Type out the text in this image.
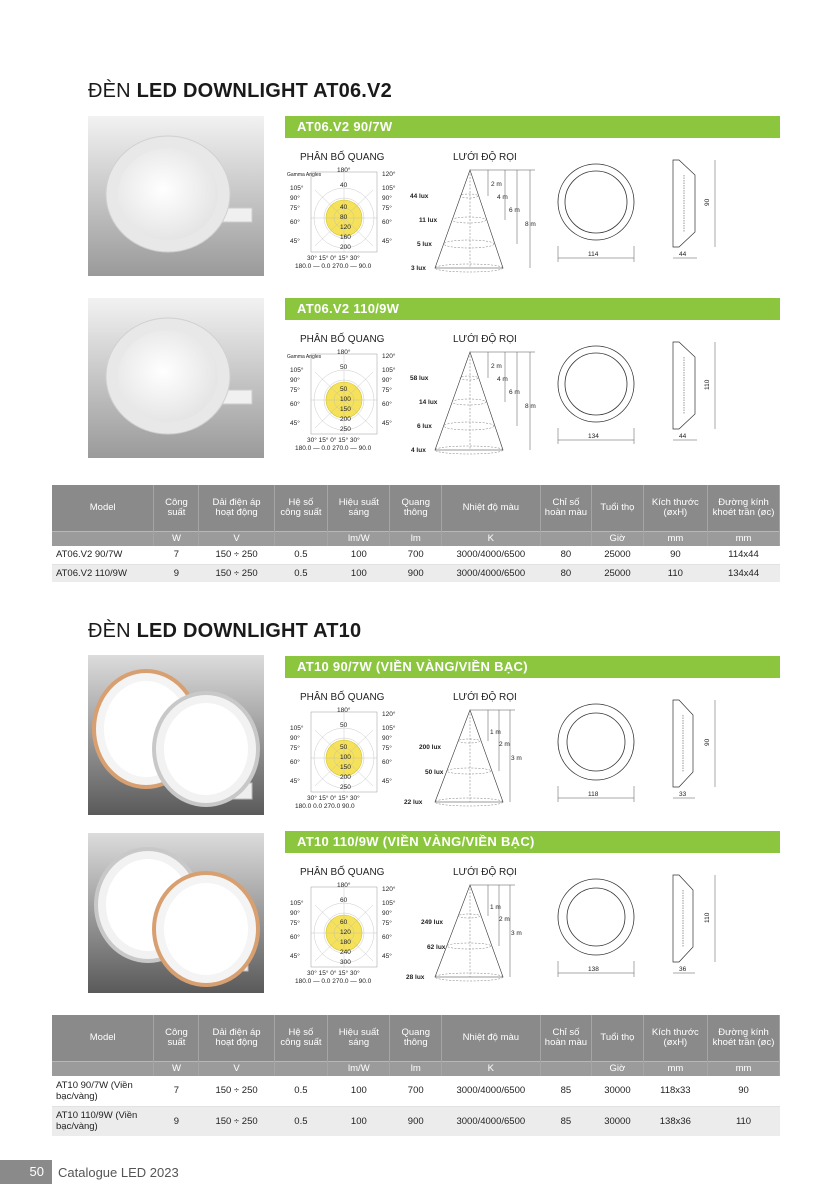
ĐÈN LED DOWNLIGHT AT06.V2
AT06.V2 90/7W
PHÂN BỐ QUANG	LƯỚI ĐỘ RỌI
Gamma Angles
180°
120°
105°
90°
75°
60°
45°
105°
90°
75°
60°
45°
40
40
80
120
160
200
30° 15° 0° 15° 30°
180.0 — 0.0 270.0 — 90.0
44 lux
11 lux
5 lux
3 lux
2 m
4 m
6 m
8 m
114
90
44
AT06.V2 110/9W
PHÂN BỐ QUANG	LƯỚI ĐỘ RỌI
Gamma Angles
180°
120°
105°
90°
75°
60°
45°
105°
90°
75°
60°
45°
50
50
100
150
200
250
30° 15° 0° 15° 30°
180.0 — 0.0 270.0 — 90.0
58 lux
14 lux
6 lux
4 lux
2 m
4 m
6 m
8 m
134
110
44
Model	Công suất	Dải điện áp hoạt động	Hệ số công suất	Hiệu suất sáng	Quang thông	Nhiệt độ màu	Chỉ số hoàn màu	Tuổi thọ	Kích thước (øxH)	Đường kính khoét trần (øc)
	W	V		lm/W	lm	K		Giờ	mm	mm
AT06.V2 90/7W	7	150 ÷ 250	0.5	100	700	3000/4000/6500	80	25000	90	114x44
AT06.V2 110/9W	9	150 ÷ 250	0.5	100	900	3000/4000/6500	80	25000	110	134x44
ĐÈN LED DOWNLIGHT AT10
AT10 90/7W (VIỀN VÀNG/VIỀN BẠC)
PHÂN BỐ QUANG	LƯỚI ĐỘ RỌI
180°
120°
105°
90°
75°
60°
45°
105°
90°
75°
60°
45°
50
50
100
150
200
250
30° 15° 0° 15° 30°
180.0 0.0 270.0 90.0
200 lux
50 lux
22 lux
1 m
2 m
3 m
118
90
33
AT10 110/9W (VIỀN VÀNG/VIỀN BẠC)
PHÂN BỐ QUANG	LƯỚI ĐỘ RỌI
180°
120°
105°
90°
75°
60°
45°
105°
90°
75°
60°
45°
60
60
120
180
240
300
30° 15° 0° 15° 30°
180.0 — 0.0 270.0 — 90.0
249 lux
62 lux
28 lux
1 m
2 m
3 m
138
110
36
Model	Công suất	Dải điện áp hoạt động	Hệ số công suất	Hiệu suất sáng	Quang thông	Nhiệt độ màu	Chỉ số hoàn màu	Tuổi thọ	Kích thước (øxH)	Đường kính khoét trần (øc)
	W	V		lm/W	lm	K		Giờ	mm	mm
AT10 90/7W (Viền bạc/vàng)	7	150 ÷ 250	0.5	100	700	3000/4000/6500	85	30000	118x33	90
AT10 110/9W (Viền bạc/vàng)	9	150 ÷ 250	0.5	100	900	3000/4000/6500	85	30000	138x36	110
50	Catalogue LED 2023
